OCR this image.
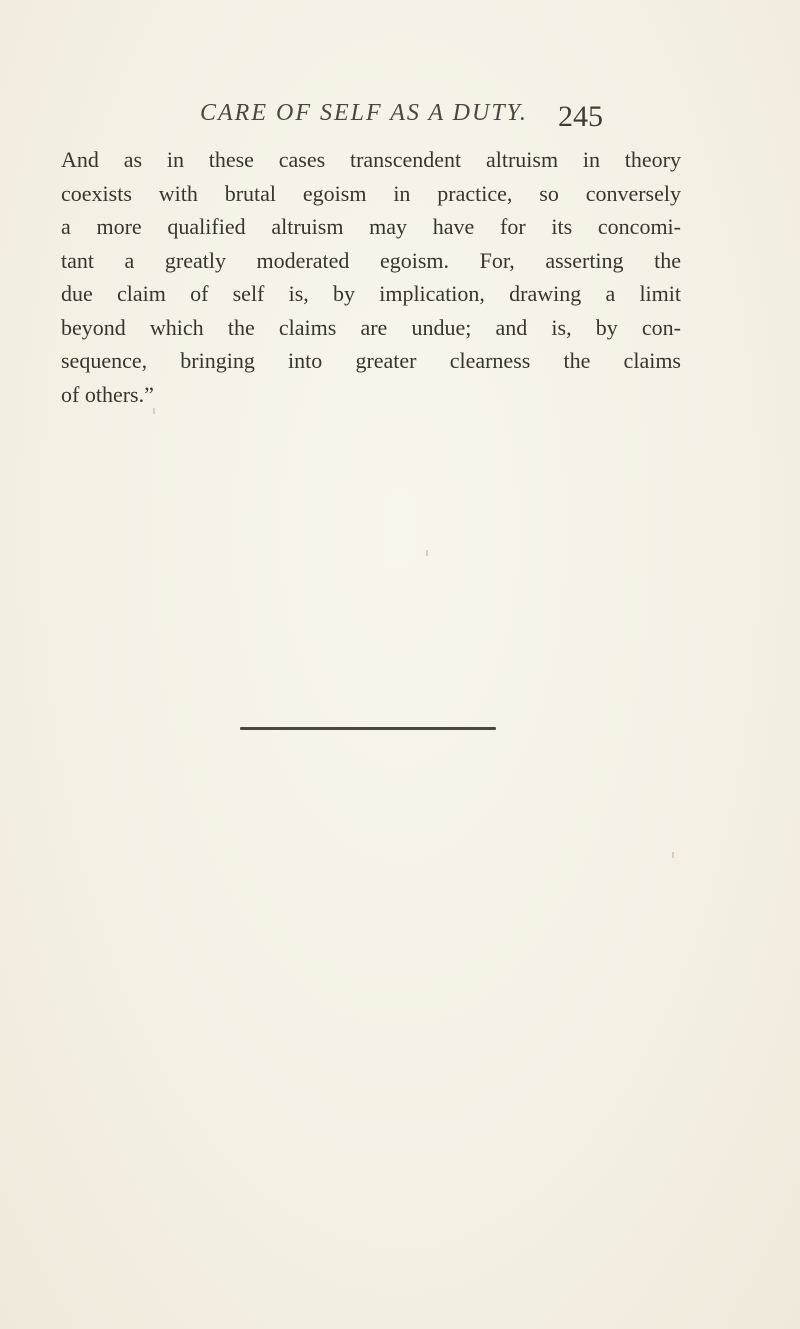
CARE OF SELF AS A DUTY. 245
And as in these cases transcendent altruism in theory
coexists with brutal egoism in practice, so conversely
a more qualified altruism may have for its concomi-
tant a greatly moderated egoism. For, asserting the
due claim of self is, by implication, drawing a limit
beyond which the claims are undue; and is, by con-
sequence, bringing into greater clearness the claims
of others.”
